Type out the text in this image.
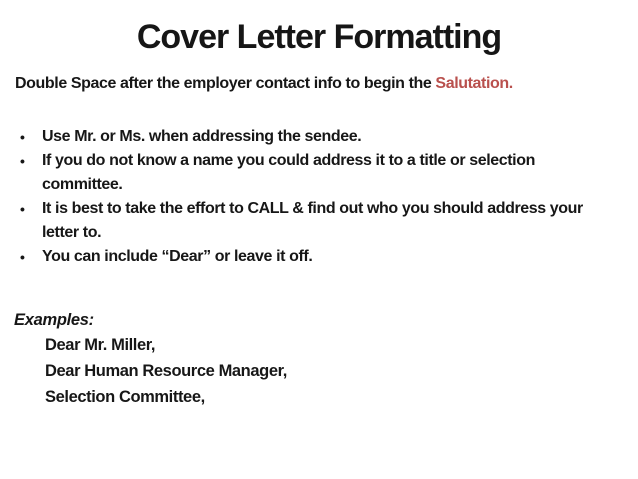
Cover Letter Formatting

Double Space after the employer contact info to begin the Salutation.

• Use Mr. or Ms. when addressing the sendee.

• If you do not know a name you could address it to a title or selection

committee.

• It is best to take the effort to CALL & find out who you should address your

letter to.

• You can include “Dear” or leave it off.

Examples:

Dear Mr. Miller,

Dear Human Resource Manager,

Selection Committee,
